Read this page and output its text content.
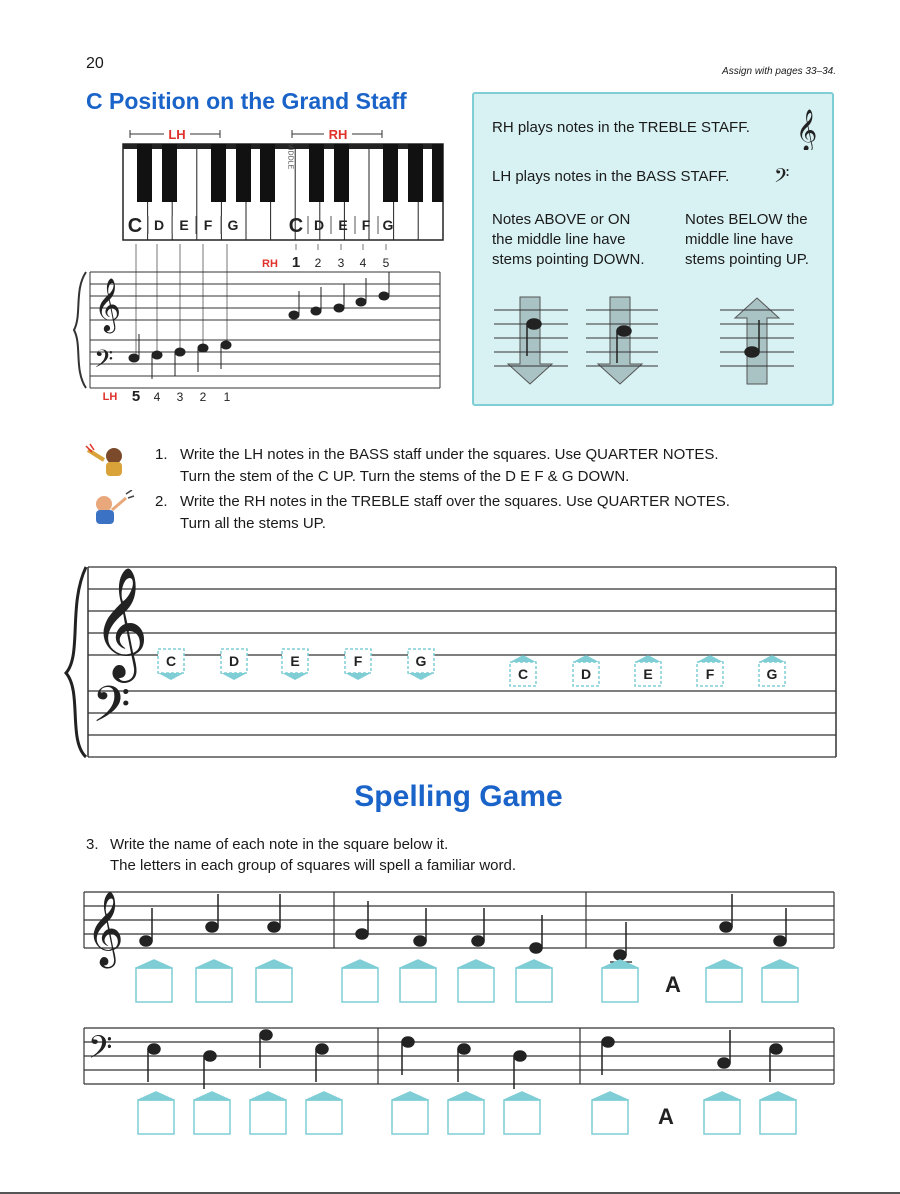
20	Assign with pages 33–34.
C Position on the Grand Staff
LH	RH
MIDDLE
C D E F G	C D E F G
RH 1 2 3 4 5
𝄞
𝄢
LH 5 4 3 2 1
RH plays notes in the TREBLE STAFF. 𝄞
LH plays notes in the BASS STAFF. 𝄢
Notes ABOVE or ON
the middle line have
stems pointing DOWN.
Notes BELOW the
middle line have
stems pointing UP.
1. Write the LH notes in the BASS staff under the squares. Use QUARTER NOTES.
Turn the stem of the C UP. Turn the stems of the D E F & G DOWN.
2. Write the RH notes in the TREBLE staff over the squares. Use QUARTER NOTES.
Turn all the stems UP.
𝄞
𝄢
C	D	E	F	G
C	D	E	F	G
Spelling Game
3. Write the name of each note in the square below it.
The letters in each group of squares will spell a familiar word.
𝄞
A
𝄢
A
